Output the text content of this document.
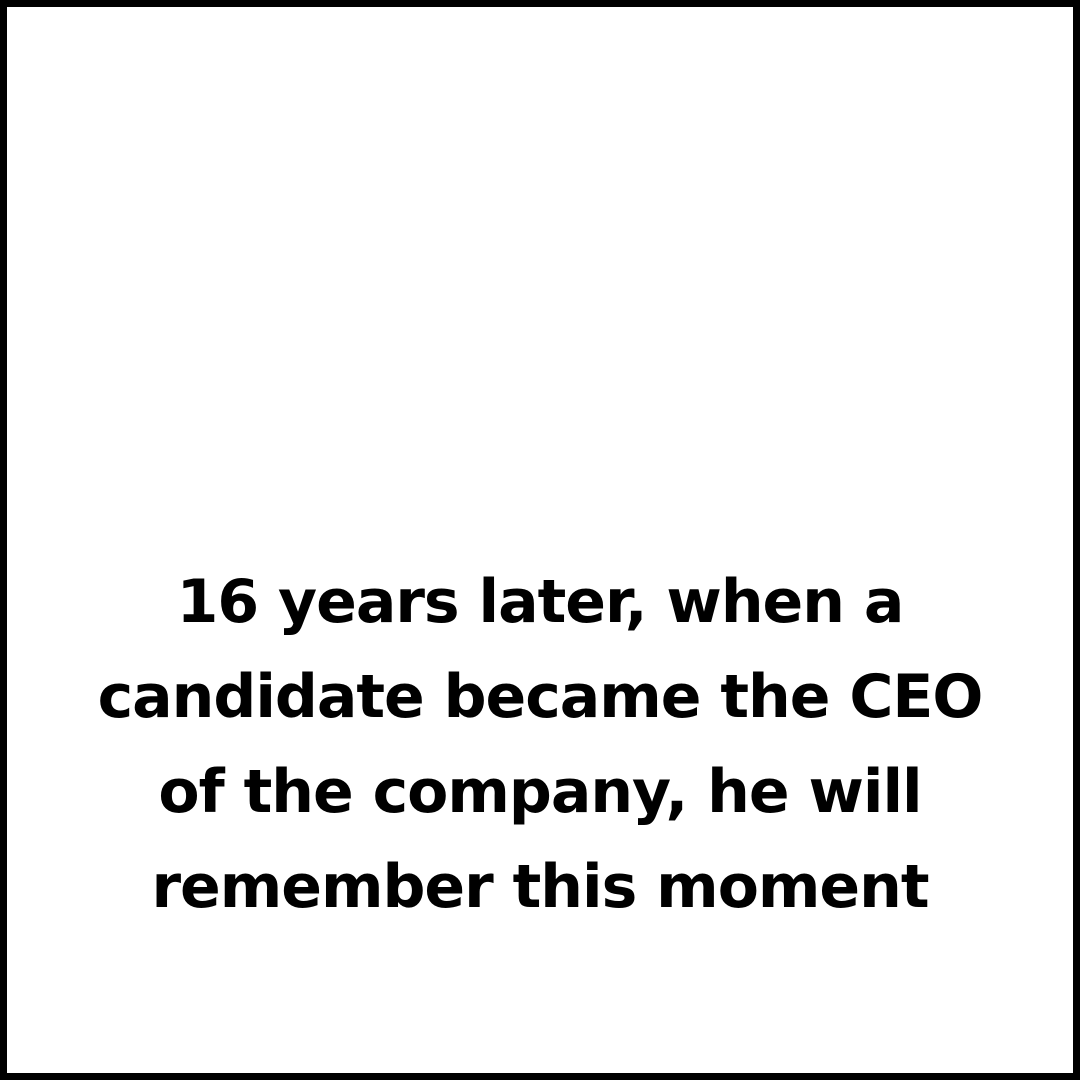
16 years later, when a
candidate became the CEO
of the company, he will
remember this moment
